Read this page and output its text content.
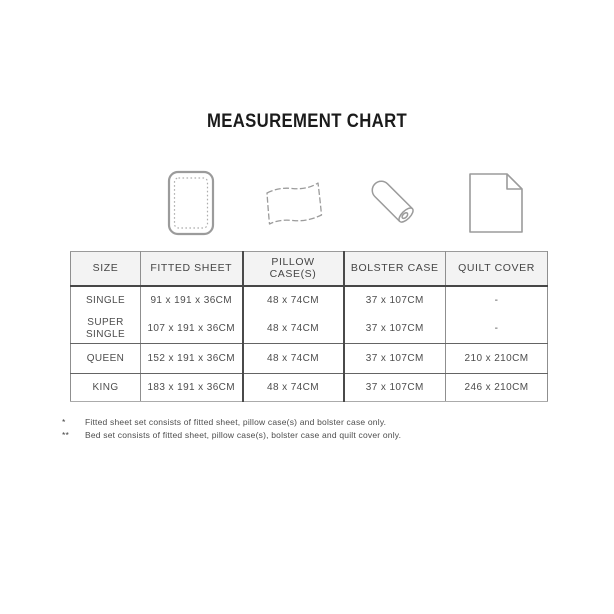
MEASUREMENT CHART
SIZE	FITTED SHEET	PILLOW CASE(S)	BOLSTER CASE	QUILT COVER
SINGLE	91 x 191 x 36CM	48 x 74CM	37 x 107CM	-
SUPER SINGLE	107 x 191 x 36CM	48 x 74CM	37 x 107CM	-
QUEEN	152 x 191 x 36CM	48 x 74CM	37 x 107CM	210 x 210CM
KING	183 x 191 x 36CM	48 x 74CM	37 x 107CM	246 x 210CM
*	Fitted sheet set consists of fitted sheet, pillow case(s) and bolster case only.
**	Bed set consists of fitted sheet, pillow case(s), bolster case and quilt cover only.
